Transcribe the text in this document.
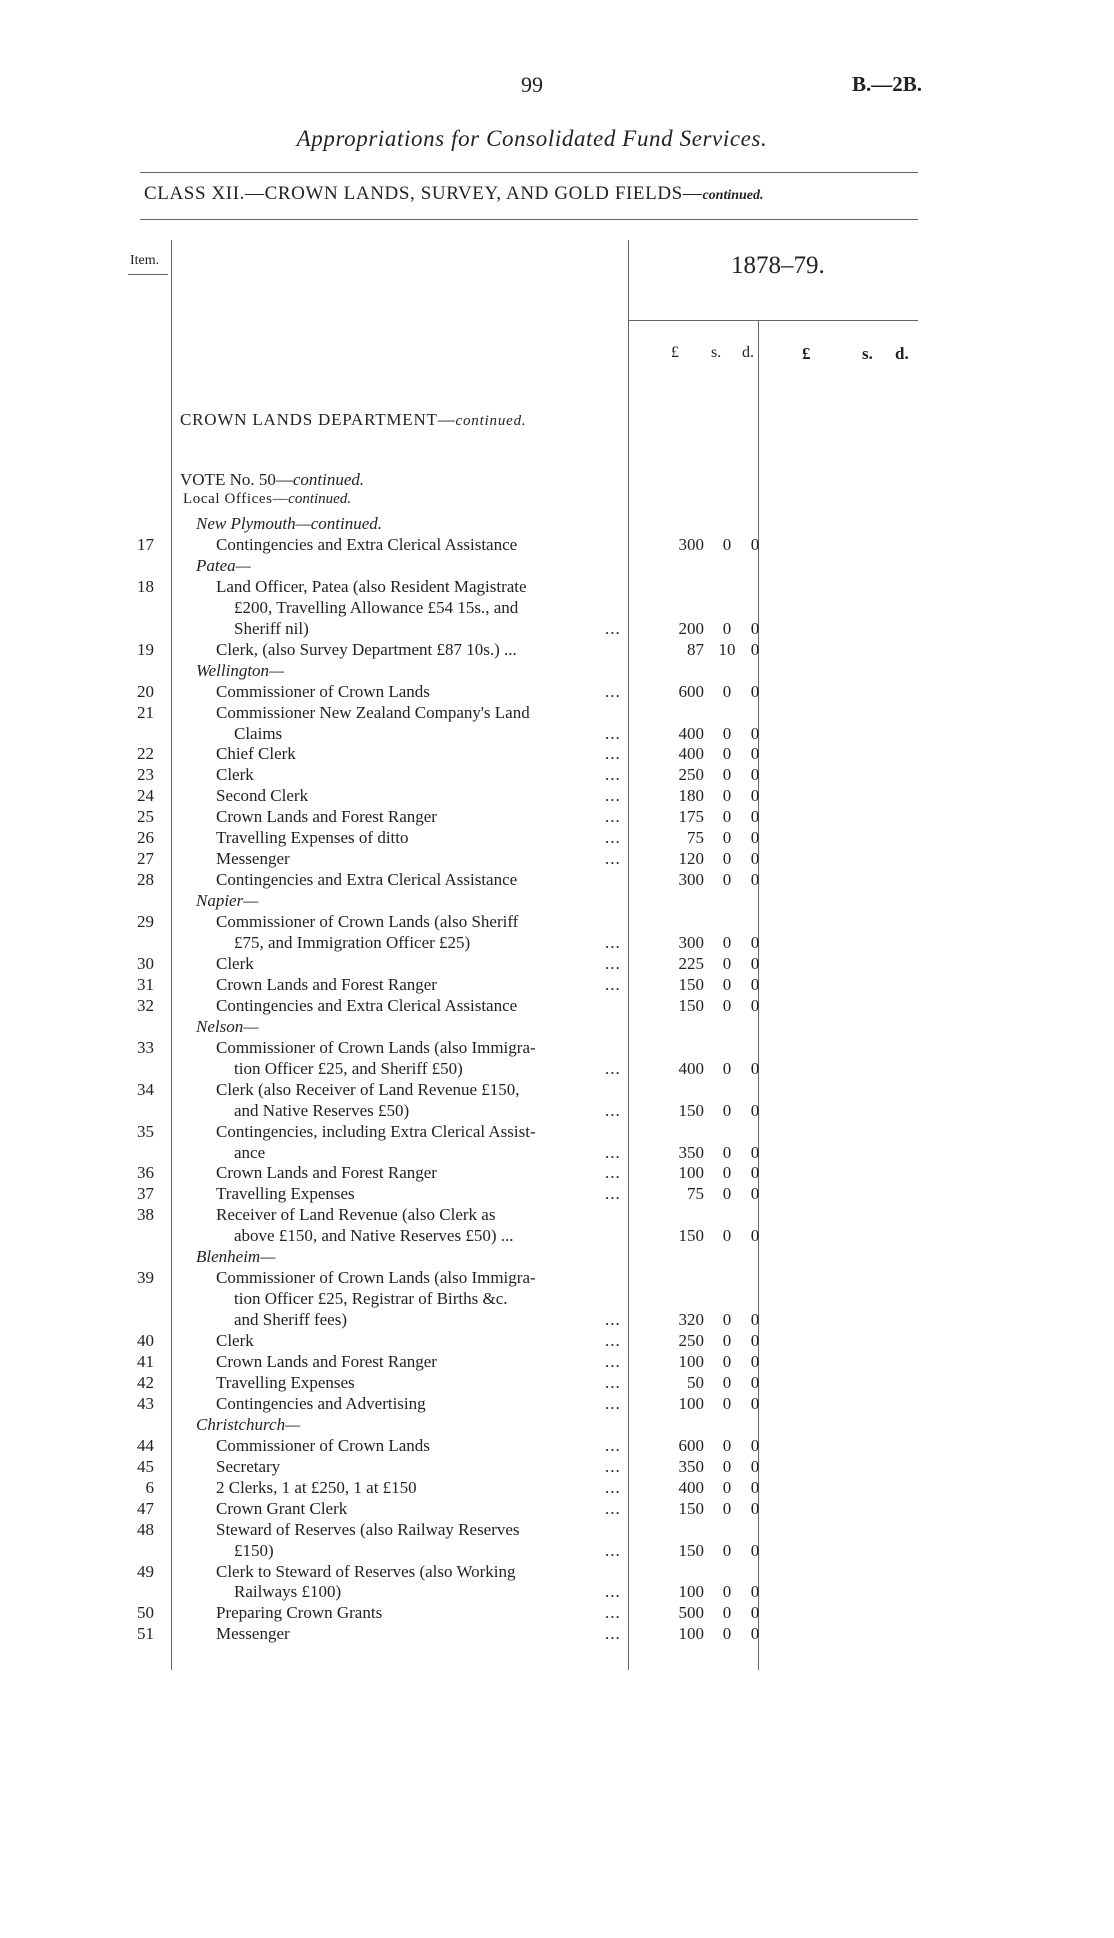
99	B.—2B.
Appropriations for Consolidated Fund Services.
CLASS XII.—CROWN LANDS, SURVEY, AND GOLD FIELDS—continued.
Item.	1878–79.
£ s. d.	£	s. d.
CROWN LANDS DEPARTMENT—continued.
VOTE No. 50—continued.
Local Offices—continued.
New Plymouth—continued.
17	Contingencies and Extra Clerical Assistance	300	0	0
Patea—
18	Land Officer, Patea (also Resident Magistrate
£200, Travelling Allowance £54 15s., and
Sheriff nil)	...	200	0	0
19	Clerk, (also Survey Department £87 10s.) ...	87 10 0
Wellington—
20	Commissioner of Crown Lands	...	600	0	0
21	Commissioner New Zealand Company's Land
Claims	...	400	0	0
22	Chief Clerk	...	400	0	0
23	Clerk	...	250	0	0
24	Second Clerk	...	180	0	0
25	Crown Lands and Forest Ranger	...	175	0	0
26	Travelling Expenses of ditto	...	75	0	0
27	Messenger	...	120	0	0
28	Contingencies and Extra Clerical Assistance	300	0	0
Napier—
29	Commissioner of Crown Lands (also Sheriff
£75, and Immigration Officer £25)	...	300	0	0
30	Clerk	...	225	0	0
31	Crown Lands and Forest Ranger	...	150	0	0
32	Contingencies and Extra Clerical Assistance	150	0	0
Nelson—
33	Commissioner of Crown Lands (also Immigra-
tion Officer £25, and Sheriff £50)	...	400	0	0
34	Clerk (also Receiver of Land Revenue £150,
and Native Reserves £50)	...	150	0	0
35	Contingencies, including Extra Clerical Assist-
ance	...	350	0	0
36	Crown Lands and Forest Ranger	...	100	0	0
37	Travelling Expenses	...	75	0	0
38	Receiver of Land Revenue (also Clerk as
above £150, and Native Reserves £50) ...	150	0	0
Blenheim—
39	Commissioner of Crown Lands (also Immigra-
tion Officer £25, Registrar of Births &c.
and Sheriff fees)	...	320	0	0
40	Clerk	...	250	0	0
41	Crown Lands and Forest Ranger	...	100	0	0
42	Travelling Expenses	...	50	0	0
43	Contingencies and Advertising	...	100	0	0
Christchurch—
44	Commissioner of Crown Lands	...	600	0	0
45	Secretary	...	350	0	0
6	2 Clerks, 1 at £250, 1 at £150	...	400	0	0
47	Crown Grant Clerk	...	150	0	0
48	Steward of Reserves (also Railway Reserves
£150)	...	150	0	0
49	Clerk to Steward of Reserves (also Working
Railways £100)	...	100	0	0
50	Preparing Crown Grants	...	500	0	0
51	Messenger	...	100	0	0
